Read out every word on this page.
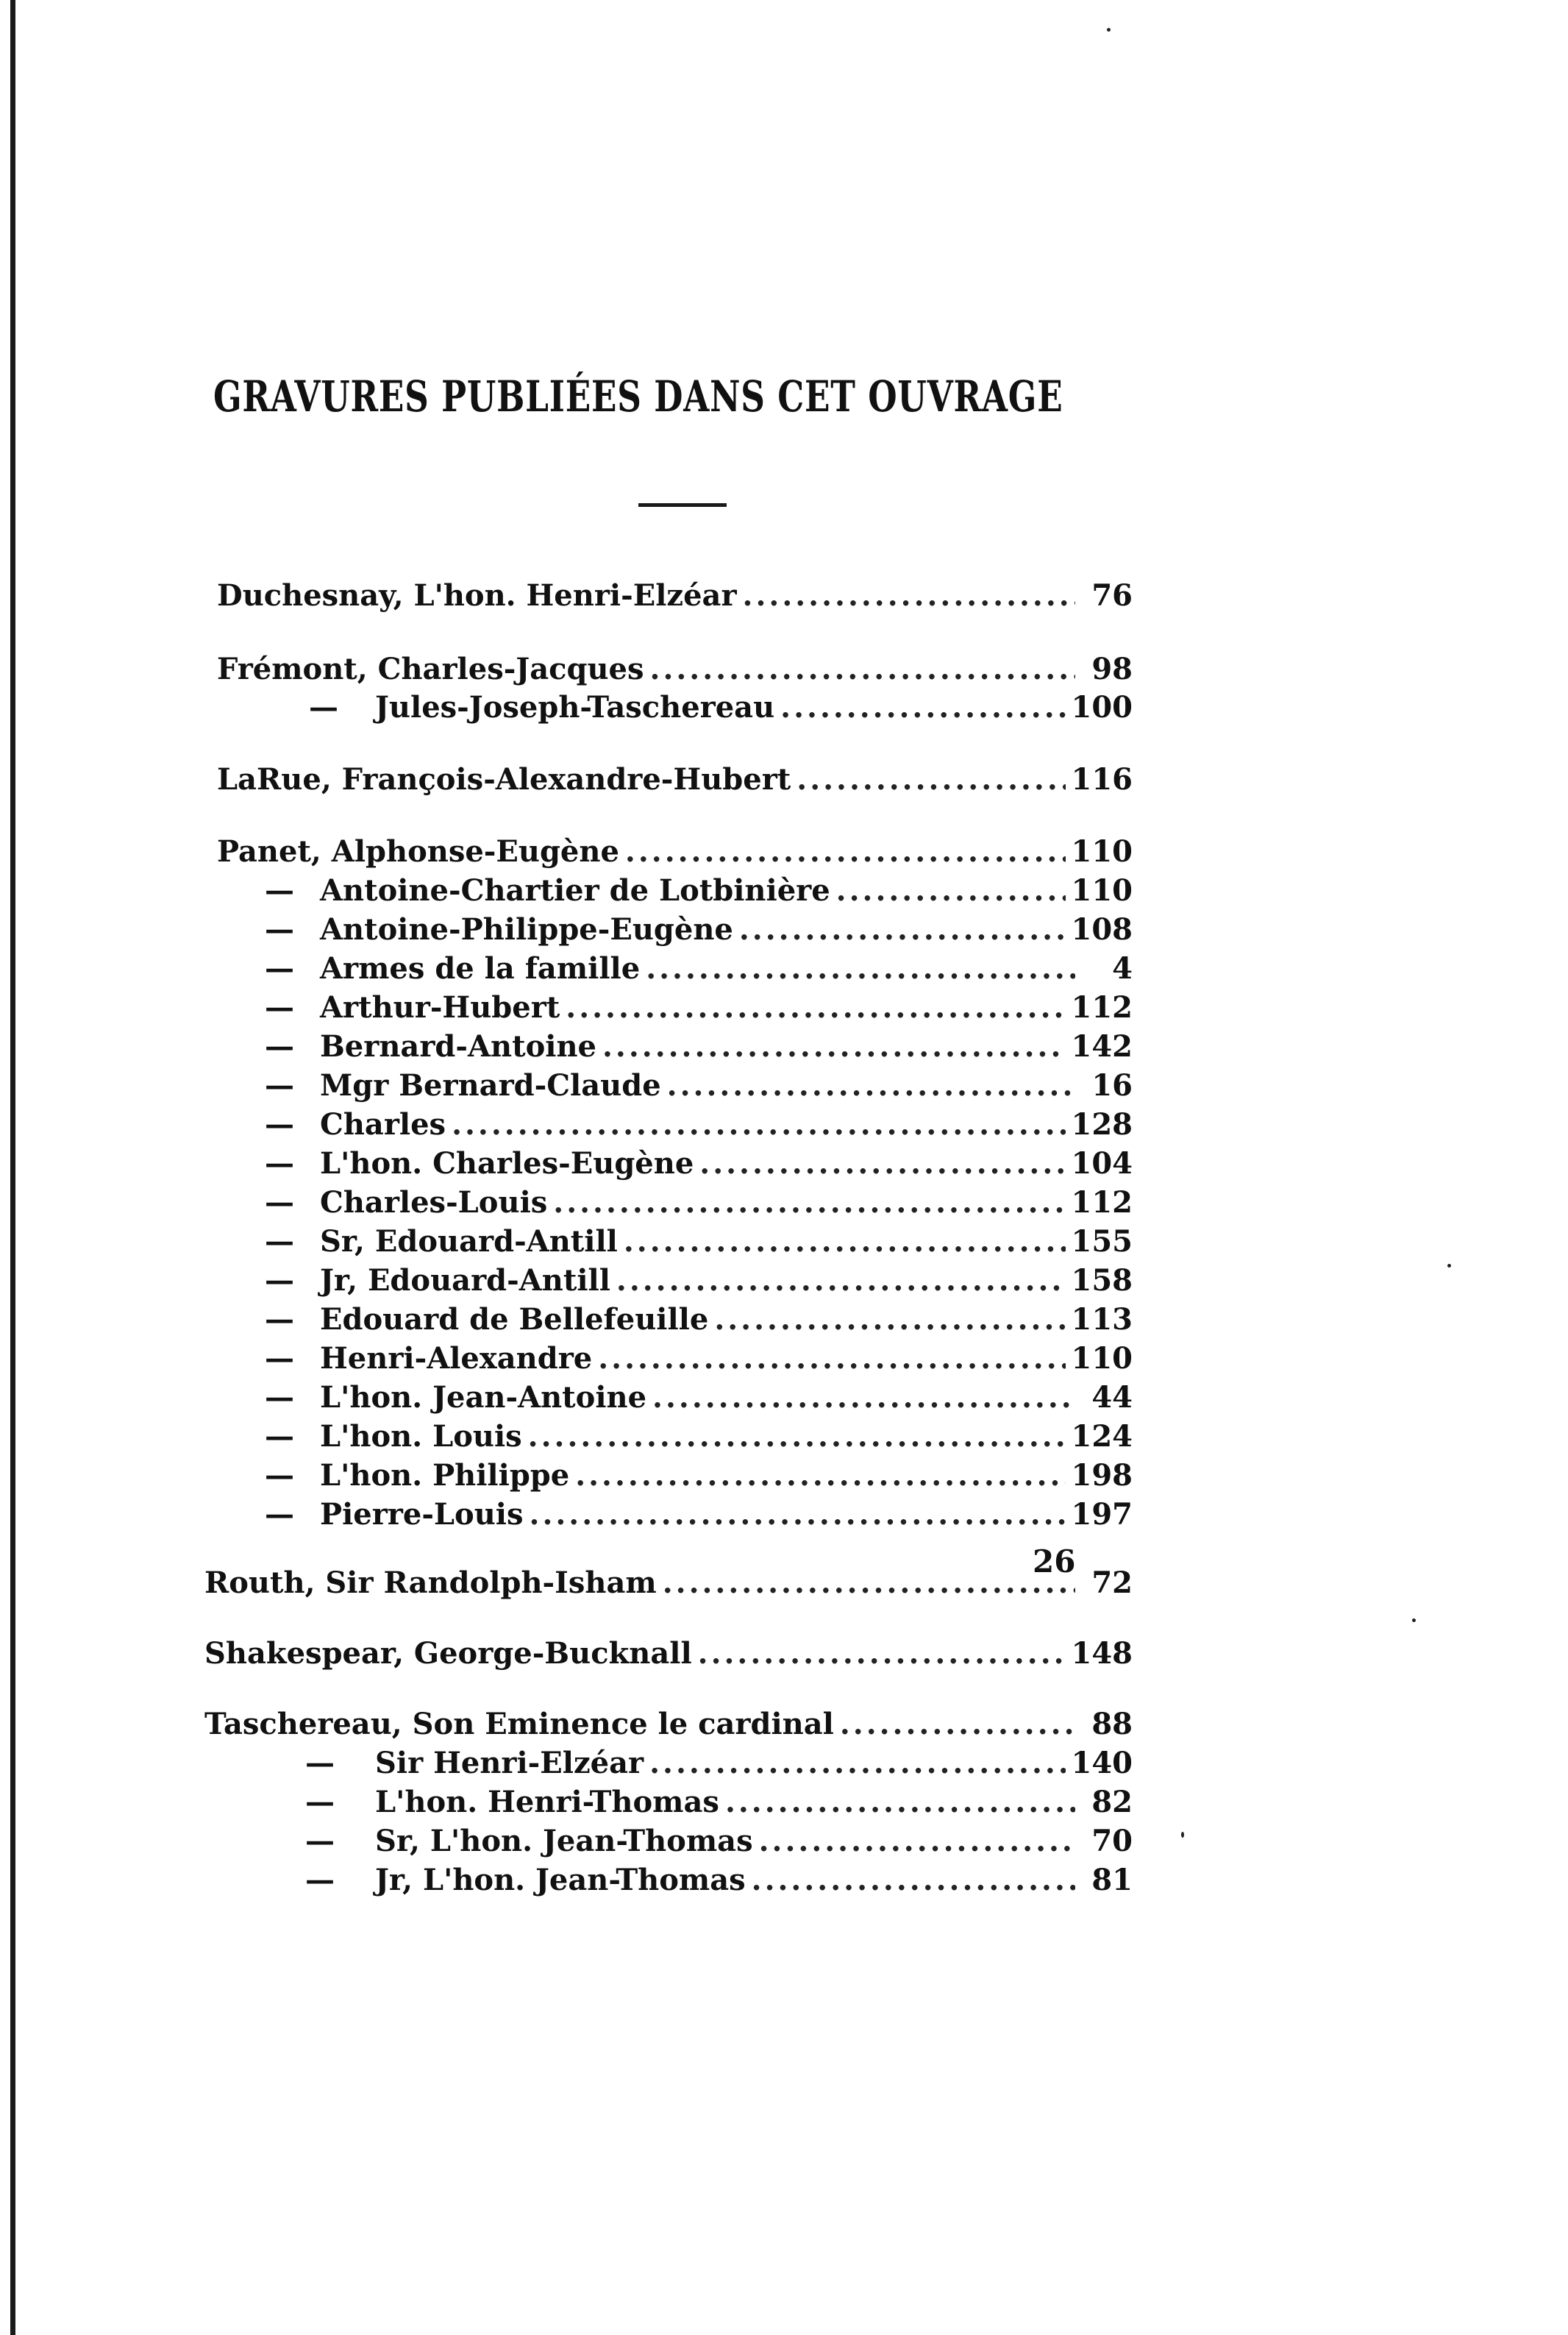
GRAVURES PUBLIÉES DANS CET OUVRAGE
Duchesnay, L'hon. Henri-Elzéar .....	76
Frémont, Charles-Jacques .....	98
—	Jules-Joseph-Taschereau .....	100
LaRue, François-Alexandre-Hubert .....	116
Panet, Alphonse-Eugène .....	110
— Antoine-Chartier de Lotbinière .....	110
— Antoine-Philippe-Eugène .....	108
— Armes de la famille .....	4
— Arthur-Hubert .....	112
— Bernard-Antoine .....	142
— Mgr Bernard-Claude .....	16
— Charles .....	128
— L'hon. Charles-Eugène .....	104
— Charles-Louis .....	112
— Sr, Edouard-Antill .....	155
— Jr, Edouard-Antill .....	158
— Edouard de Bellefeuille .....	113
— Henri-Alexandre .....	110
— L'hon. Jean-Antoine .....	44
— L'hon. Louis .....	124
— L'hon. Philippe .....	198
— Pierre-Louis .....	197
Routh, Sir Randolph-Isham .....	72
Shakespear, George-Bucknall .....	148
Taschereau, Son Eminence le cardinal .....	88
—	Sir Henri-Elzéar .....	140
—	L'hon. Henri-Thomas .....	82
—	Sr, L'hon. Jean-Thomas .....	70
—	Jr, L'hon. Jean-Thomas .....	81
26
